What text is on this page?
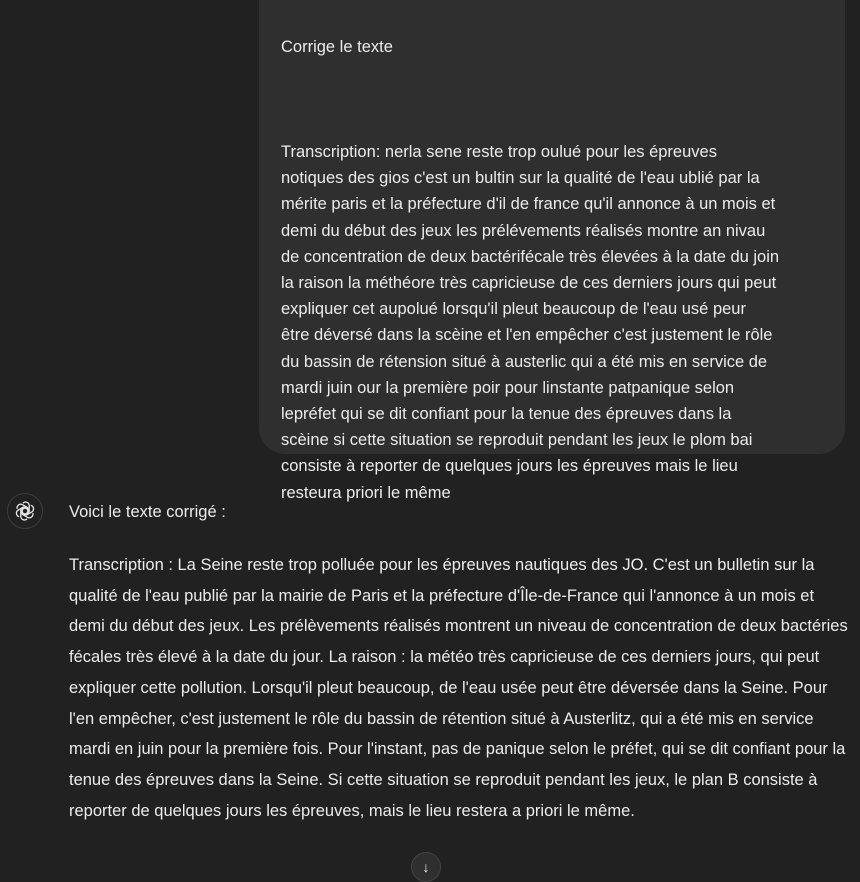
Corrige le texte

Transcription: nerla sene reste trop oulué pour les épreuves
notiques des gios c'est un bultin sur la qualité de l'eau ublié par la
mérite paris et la préfecture d'il de france qu'il annonce à un mois et
demi du début des jeux les prélévements réalisés montre an nivau
de concentration de deux bactérifécale très élevées à la date du join
la raison la méthéore très capricieuse de ces derniers jours qui peut
expliquer cet aupolué lorsqu'il pleut beaucoup de l'eau usé peur
être déversé dans la scèine et l'en empêcher c'est justement le rôle
du bassin de rétension situé à austerlic qui a été mis en service de
mardi juin our la première poir pour linstante patpanique selon
lepréfet qui se dit confiant pour la tenue des épreuves dans la
scèine si cette situation se reproduit pendant les jeux le plom bai
consiste à reporter de quelques jours les épreuves mais le lieu
resteura priori le même

Voici le texte corrigé :

Transcription : La Seine reste trop polluée pour les épreuves nautiques des JO. C'est un bulletin sur la qualité de l'eau publié par la mairie de Paris et la préfecture d'Île-de-France qui l'annonce à un mois et demi du début des jeux. Les prélèvements réalisés montrent un niveau de concentration de deux bactéries fécales très élevé à la date du jour. La raison : la météo très capricieuse de ces derniers jours, qui peut expliquer cette pollution. Lorsqu'il pleut beaucoup, de l'eau usée peut être déversée dans la Seine. Pour l'en empêcher, c'est justement le rôle du bassin de rétention situé à Austerlitz, qui a été mis en service mardi en juin pour la première fois. Pour l'instant, pas de panique selon le préfet, qui se dit confiant pour la tenue des épreuves dans la Seine. Si cette situation se reproduit pendant les jeux, le plan B consiste à reporter de quelques jours les épreuves, mais le lieu restera a priori le même.

↓
